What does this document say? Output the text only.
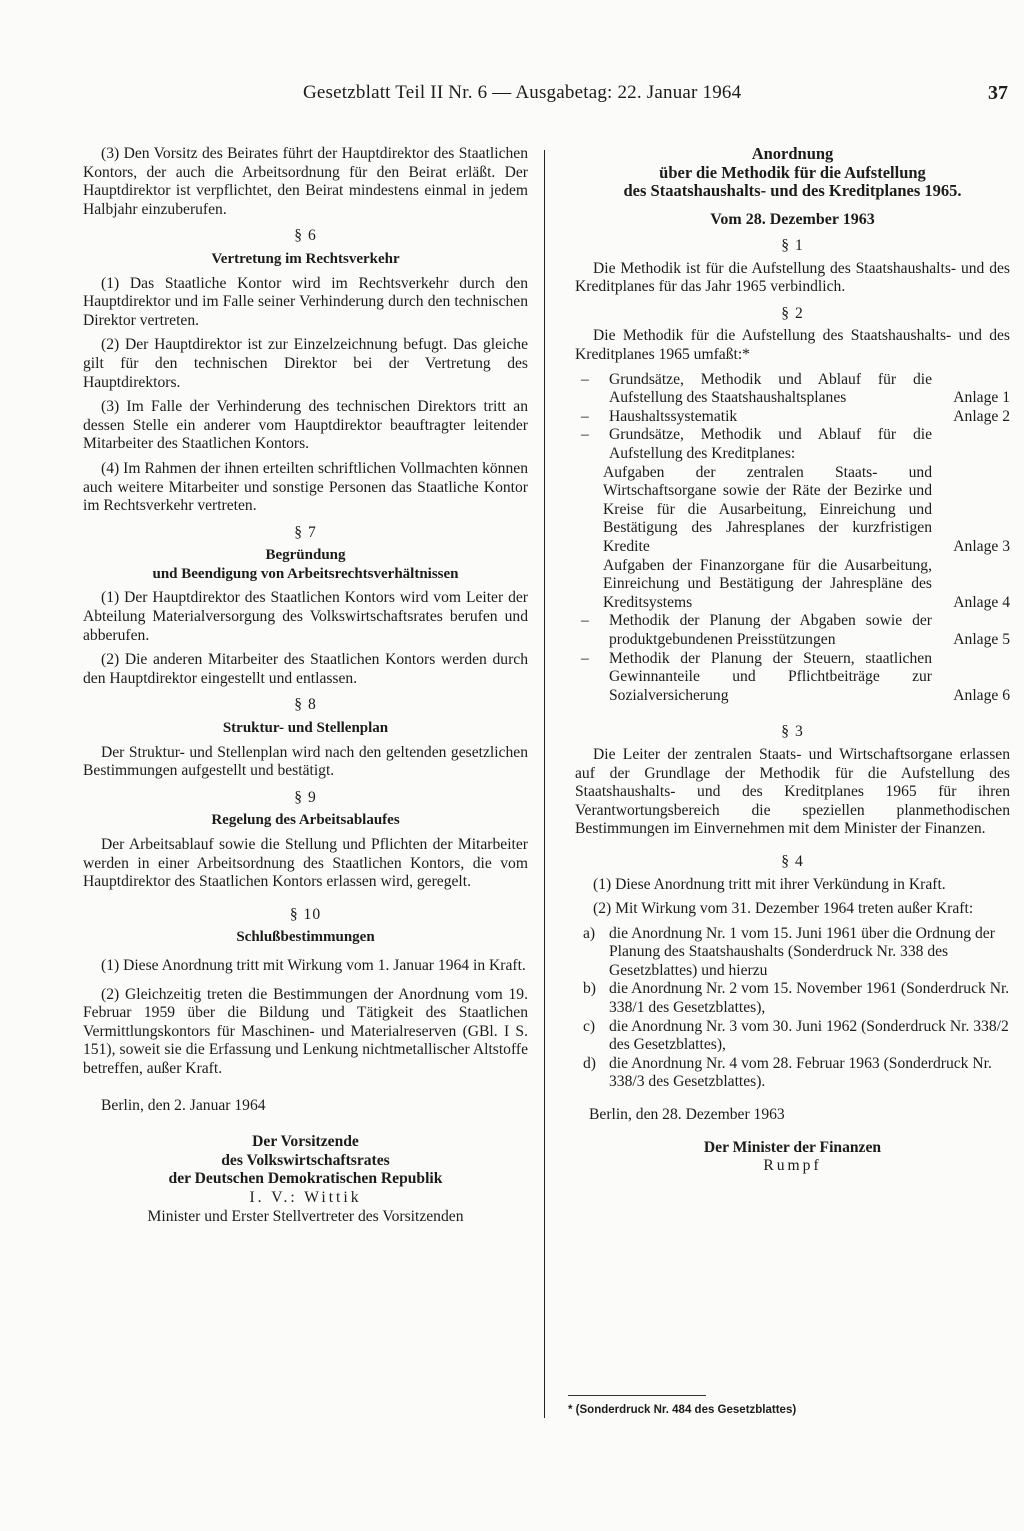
Gesetzblatt Teil II Nr. 6 — Ausgabetag: 22. Januar 1964	37

(3) Den Vorsitz des Beirates führt der Hauptdirektor des Staatlichen Kontors, der auch die Arbeitsordnung für den Beirat erläßt. Der Hauptdirektor ist verpflichtet, den Beirat mindestens einmal in jedem Halbjahr einzuberufen.

§ 6
Vertretung im Rechtsverkehr

(1) Das Staatliche Kontor wird im Rechtsverkehr durch den Hauptdirektor und im Falle seiner Verhinderung durch den technischen Direktor vertreten.

(2) Der Hauptdirektor ist zur Einzelzeichnung befugt. Das gleiche gilt für den technischen Direktor bei der Vertretung des Hauptdirektors.

(3) Im Falle der Verhinderung des technischen Direktors tritt an dessen Stelle ein anderer vom Hauptdirektor beauftragter leitender Mitarbeiter des Staatlichen Kontors.

(4) Im Rahmen der ihnen erteilten schriftlichen Vollmachten können auch weitere Mitarbeiter und sonstige Personen das Staatliche Kontor im Rechtsverkehr vertreten.

§ 7
Begründung
und Beendigung von Arbeitsrechtsverhältnissen

(1) Der Hauptdirektor des Staatlichen Kontors wird vom Leiter der Abteilung Materialversorgung des Volkswirtschaftsrates berufen und abberufen.

(2) Die anderen Mitarbeiter des Staatlichen Kontors werden durch den Hauptdirektor eingestellt und entlassen.

§ 8
Struktur- und Stellenplan

Der Struktur- und Stellenplan wird nach den geltenden gesetzlichen Bestimmungen aufgestellt und bestätigt.

§ 9
Regelung des Arbeitsablaufes

Der Arbeitsablauf sowie die Stellung und Pflichten der Mitarbeiter werden in einer Arbeitsordnung des Staatlichen Kontors, die vom Hauptdirektor des Staatlichen Kontors erlassen wird, geregelt.

§ 10
Schlußbestimmungen

(1) Diese Anordnung tritt mit Wirkung vom 1. Januar 1964 in Kraft.

(2) Gleichzeitig treten die Bestimmungen der Anordnung vom 19. Februar 1959 über die Bildung und Tätigkeit des Staatlichen Vermittlungskontors für Maschinen- und Materialreserven (GBl. I S. 151), soweit sie die Erfassung und Lenkung nichtmetallischer Altstoffe betreffen, außer Kraft.

Berlin, den 2. Januar 1964
Der Vorsitzende
des Volkswirtschaftsrates
der Deutschen Demokratischen Republik
I. V.: Wittik
Minister und Erster Stellvertreter des Vorsitzenden
Anordnung
über die Methodik für die Aufstellung
des Staatshaushalts- und des Kreditplanes 1965.
Vom 28. Dezember 1963
§ 1

Die Methodik ist für die Aufstellung des Staatshaushalts- und des Kreditplanes für das Jahr 1965 verbindlich.

§ 2

Die Methodik für die Aufstellung des Staatshaushalts- und des Kreditplanes 1965 umfaßt:*

–	Grundsätze, Methodik und Ablauf für die Aufstellung des Staatshaushaltsplanes	Anlage 1
–	Haushaltssystematik	Anlage 2
–	Grundsätze, Methodik und Ablauf für die Aufstellung des Kreditplanes:
Aufgaben der zentralen Staats- und Wirtschaftsorgane sowie der Räte der Bezirke und Kreise für die Ausarbeitung, Einreichung und Bestätigung des Jahresplanes der kurzfristigen Kredite	Anlage 3
Aufgaben der Finanzorgane für die Ausarbeitung, Einreichung und Bestätigung der Jahrespläne des Kreditsystems	Anlage 4
–	Methodik der Planung der Abgaben sowie der produktgebundenen Preisstützungen	Anlage 5
–	Methodik der Planung der Steuern, staatlichen Gewinnanteile und Pflichtbeiträge zur Sozialversicherung	Anlage 6
§ 3

Die Leiter der zentralen Staats- und Wirtschaftsorgane erlassen auf der Grundlage der Methodik für die Aufstellung des Staatshaushalts- und des Kreditplanes 1965 für ihren Verantwortungsbereich die speziellen planmethodischen Bestimmungen im Einvernehmen mit dem Minister der Finanzen.

§ 4

(1) Diese Anordnung tritt mit ihrer Verkündung in Kraft.

(2) Mit Wirkung vom 31. Dezember 1964 treten außer Kraft:

a) die Anordnung Nr. 1 vom 15. Juni 1961 über die Ordnung der Planung des Staatshaushalts (Sonderdruck Nr. 338 des Gesetzblattes) und hierzu
b) die Anordnung Nr. 2 vom 15. November 1961 (Sonderdruck Nr. 338/1 des Gesetzblattes),
c) die Anordnung Nr. 3 vom 30. Juni 1962 (Sonderdruck Nr. 338/2 des Gesetzblattes),
d) die Anordnung Nr. 4 vom 28. Februar 1963 (Sonderdruck Nr. 338/3 des Gesetzblattes).
Berlin, den 28. Dezember 1963
Der Minister der Finanzen
Rumpf
* (Sonderdruck Nr. 484 des Gesetzblattes)
